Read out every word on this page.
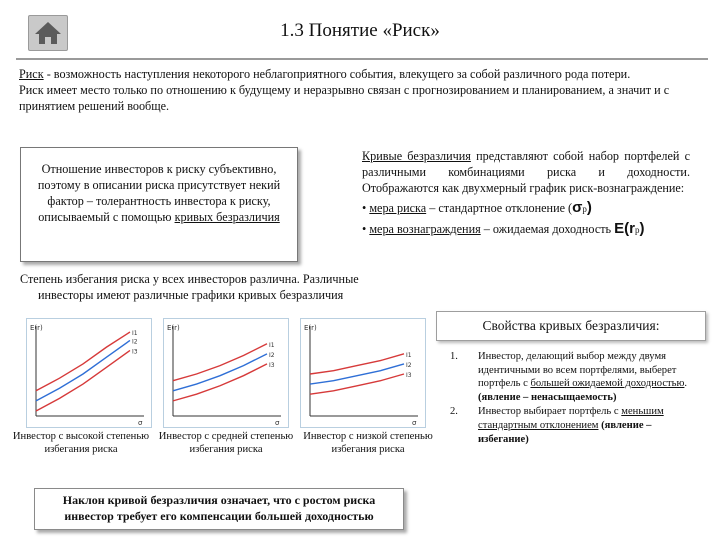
1.3 Понятие «Риск»
Риск - возможность наступления некоторого неблагоприятного события, влекущего за собой различного рода потери.
Риск имеет место только по отношению к будущему и неразрывно связан с прогнозированием и планированием, а значит и с принятием решений вообще.
Отношение инвесторов к риску субъективно, поэтому в описании риска присутствует некий фактор – толерантность инвестора к риску, описываемый с помощью кривых безразличия

Кривые безразличия представляют собой набор портфелей с различными комбинациями риска и доходности. Отображаются как двухмерный график риск-вознаграждение:

• мера риска – стандартное отклонение (σp)
• мера вознаграждения – ожидаемая доходность E(rp)
Степень избегания риска у всех инвесторов различна. Различные
инвесторы имеют различные графики кривых безразличия
E(r)
σ
I1
I2
I3
E(r)
σ
I1
I2
I3
E(r)
σ
I1
I2
I3
Инвестор с высокой степенью избегания риска
Инвестор с средней степенью избегания риска
Инвестор с низкой степенью избегания риска
Свойства кривых безразличия:
1. Инвестор, делающий выбор между двумя идентичными во всем портфелями, выберет портфель с большей ожидаемой доходностью. (явление – ненасыщаемость)
2. Инвестор выбирает портфель с меньшим стандартным отклонением (явление – избегание)
Наклон кривой безразличия означает, что с ростом риска инвестор требует его компенсации большей доходностью
